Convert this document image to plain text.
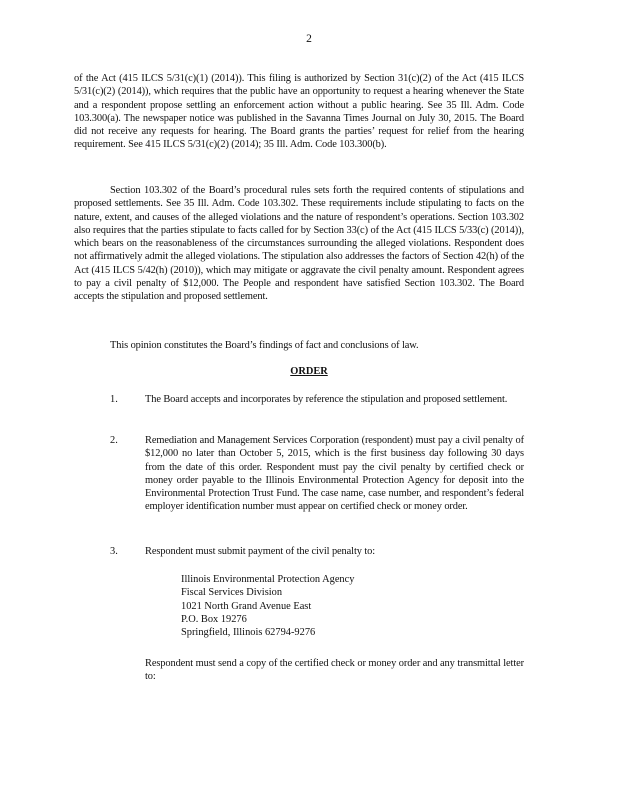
2

of the Act (415 ILCS 5/31(c)(1) (2014)). This filing is authorized by Section 31(c)(2) of the Act (415 ILCS 5/31(c)(2) (2014)), which requires that the public have an opportunity to request a hearing whenever the State and a respondent propose settling an enforcement action without a public hearing. See 35 Ill. Adm. Code 103.300(a). The newspaper notice was published in the Savanna Times Journal on July 30, 2015. The Board did not receive any requests for hearing. The Board grants the parties’ request for relief from the hearing requirement. See 415 ILCS 5/31(c)(2) (2014); 35 Ill. Adm. Code 103.300(b).

Section 103.302 of the Board’s procedural rules sets forth the required contents of stipulations and proposed settlements. See 35 Ill. Adm. Code 103.302. These requirements include stipulating to facts on the nature, extent, and causes of the alleged violations and the nature of respondent’s operations. Section 103.302 also requires that the parties stipulate to facts called for by Section 33(c) of the Act (415 ILCS 5/33(c) (2014)), which bears on the reasonableness of the circumstances surrounding the alleged violations. Respondent does not affirmatively admit the alleged violations. The stipulation also addresses the factors of Section 42(h) of the Act (415 ILCS 5/42(h) (2010)), which may mitigate or aggravate the civil penalty amount. Respondent agrees to pay a civil penalty of $12,000. The People and respondent have satisfied Section 103.302. The Board accepts the stipulation and proposed settlement.

This opinion constitutes the Board’s findings of fact and conclusions of law.

ORDER
1.	The Board accepts and incorporates by reference the stipulation and proposed settlement.

2.	Remediation and Management Services Corporation (respondent) must pay a civil penalty of $12,000 no later than October 5, 2015, which is the first business day following 30 days from the date of this order. Respondent must pay the civil penalty by certified check or money order payable to the Illinois Environmental Protection Agency for deposit into the Environmental Protection Trust Fund. The case name, case number, and respondent’s federal employer identification number must appear on certified check or money order.

3.	Respondent must submit payment of the civil penalty to:

Illinois Environmental Protection Agency
Fiscal Services Division
1021 North Grand Avenue East
P.O. Box 19276
Springfield, Illinois 62794-9276

Respondent must send a copy of the certified check or money order and any transmittal letter to:
